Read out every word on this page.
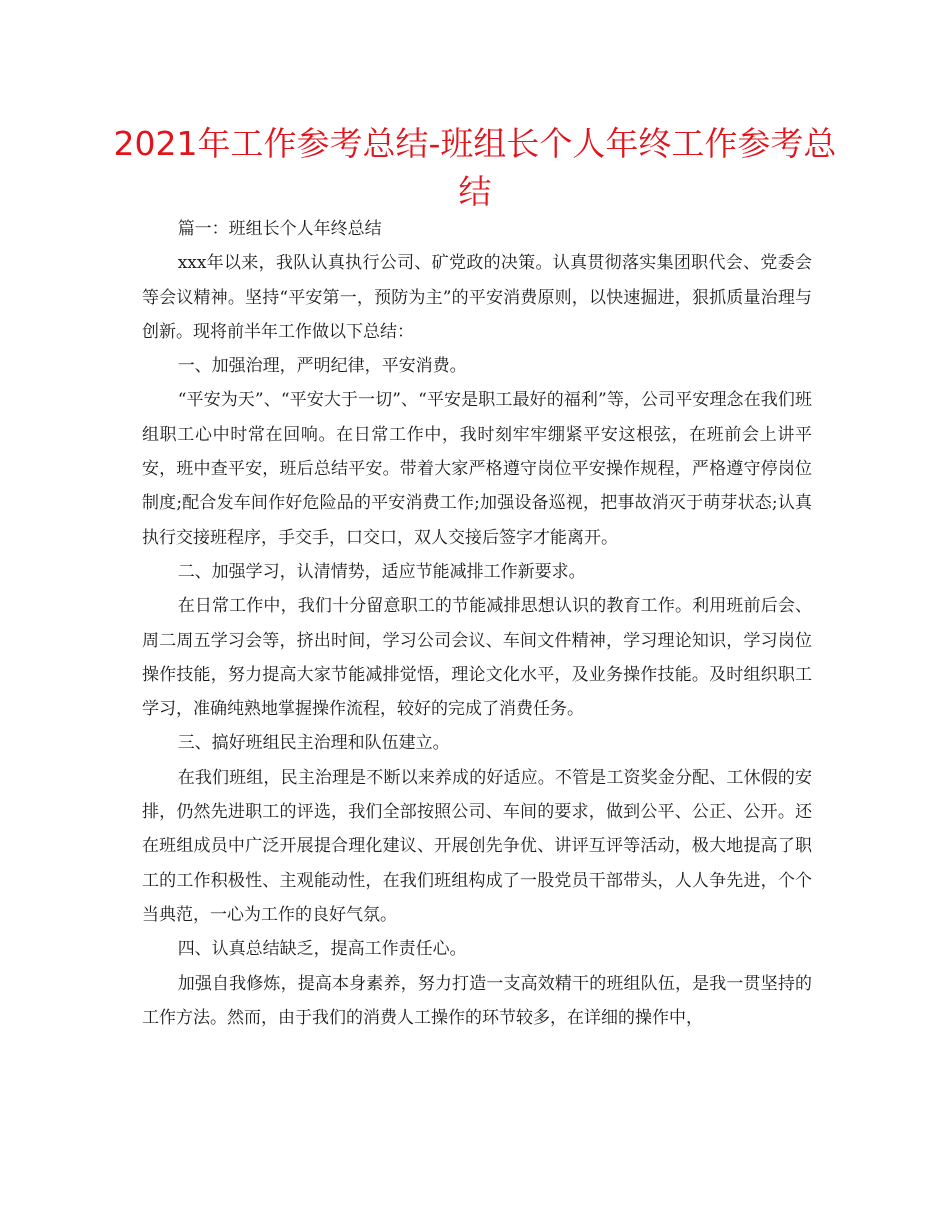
2021年工作参考总结-班组长个人年终工作参考总结

篇一：班组长个人年终总结

xxx年以来，我队认真执行公司、矿党政的决策。认真贯彻落实集团职代会、党委会等会议精神。坚持“平安第一，预防为主”的平安消费原则，以快速掘进，狠抓质量治理与创新。现将前半年工作做以下总结：

一、加强治理，严明纪律，平安消费。

“平安为天”、“平安大于一切”、“平安是职工最好的福利”等，公司平安理念在我们班组职工心中时常在回响。在日常工作中，我时刻牢牢绷紧平安这根弦，在班前会上讲平安，班中查平安，班后总结平安。带着大家严格遵守岗位平安操作规程，严格遵守停岗位制度;配合发车间作好危险品的平安消费工作;加强设备巡视，把事故消灭于萌芽状态;认真执行交接班程序，手交手，口交口，双人交接后签字才能离开。

二、加强学习，认清情势，适应节能减排工作新要求。

在日常工作中，我们十分留意职工的节能减排思想认识的教育工作。利用班前后会、周二周五学习会等，挤出时间，学习公司会议、车间文件精神，学习理论知识，学习岗位操作技能，努力提高大家节能减排觉悟，理论文化水平，及业务操作技能。及时组织职工学习，准确纯熟地掌握操作流程，较好的完成了消费任务。

三、搞好班组民主治理和队伍建立。

在我们班组，民主治理是不断以来养成的好适应。不管是工资奖金分配、工休假的安排，仍然先进职工的评选，我们全部按照公司、车间的要求，做到公平、公正、公开。还在班组成员中广泛开展提合理化建议、开展创先争优、讲评互评等活动，极大地提高了职工的工作积极性、主观能动性，在我们班组构成了一股党员干部带头，人人争先进，个个当典范，一心为工作的良好气氛。

四、认真总结缺乏，提高工作责任心。

加强自我修炼，提高本身素养，努力打造一支高效精干的班组队伍，是我一贯坚持的工作方法。然而，由于我们的消费人工操作的环节较多，在详细的操作中，
